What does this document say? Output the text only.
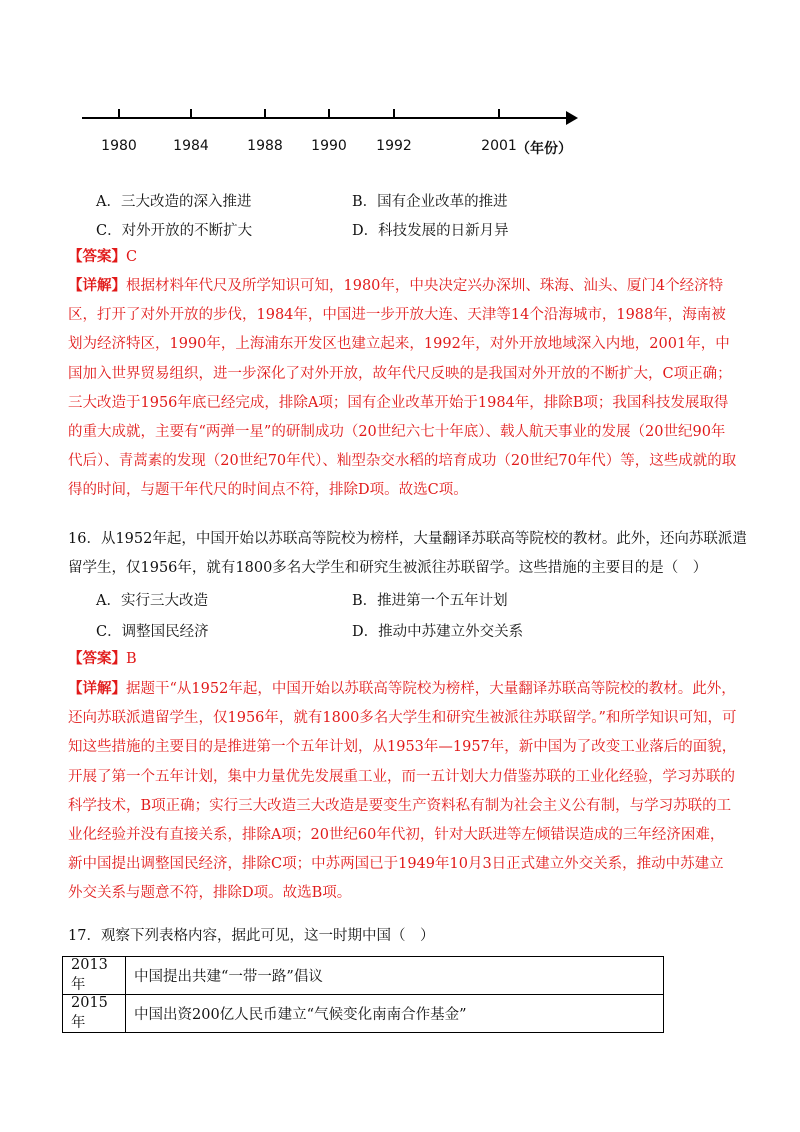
1980	1984	1988 1990 1992	2001 （年份）
A．三大改造的深入推进	B．国有企业改革的推进
C．对外开放的不断扩大	D．科技发展的日新月异
【答案】C
【详解】根据材料年代尺及所学知识可知，1980年，中央决定兴办深圳、珠海、汕头、厦门4个经济特区，打开了对外开放的步伐，1984年，中国进一步开放大连、天津等14个沿海城市，1988年，海南被划为经济特区，1990年，上海浦东开发区也建立起来，1992年，对外开放地域深入内地，2001年，中国加入世界贸易组织，进一步深化了对外开放，故年代尺反映的是我国对外开放的不断扩大，C项正确；三大改造于1956年底已经完成，排除A项；国有企业改革开始于1984年，排除B项；我国科技发展取得的重大成就，主要有“两弹一星”的研制成功（20世纪六七十年底）、载人航天事业的发展（20世纪90年代后）、青蒿素的发现（20世纪70年代）、籼型杂交水稻的培育成功（20世纪70年代）等，这些成就的取得的时间，与题干年代尺的时间点不符，排除D项。故选C项。
16．从1952年起，中国开始以苏联高等院校为榜样，大量翻译苏联高等院校的教材。此外，还向苏联派遣留学生，仅1956年，就有1800多名大学生和研究生被派往苏联留学。这些措施的主要目的是（　）
A．实行三大改造	B．推进第一个五年计划
C．调整国民经济	D．推动中苏建立外交关系
【答案】B
【详解】据题干“从1952年起，中国开始以苏联高等院校为榜样，大量翻译苏联高等院校的教材。此外，还向苏联派遣留学生，仅1956年，就有1800多名大学生和研究生被派往苏联留学。”和所学知识可知，可知这些措施的主要目的是推进第一个五年计划，从1953年—1957年，新中国为了改变工业落后的面貌，开展了第一个五年计划，集中力量优先发展重工业，而一五计划大力借鉴苏联的工业化经验，学习苏联的科学技术，B项正确；实行三大改造三大改造是要变生产资料私有制为社会主义公有制，与学习苏联的工业化经验并没有直接关系，排除A项；20世纪60年代初，针对大跃进等左倾错误造成的三年经济困难，新中国提出调整国民经济，排除C项；中苏两国已于1949年10月3日正式建立外交关系，推动中苏建立外交关系与题意不符，排除D项。故选B项。
17．观察下列表格内容，据此可见，这一时期中国（　）
2013年	中国提出共建“一带一路”倡议
2015年	中国出资200亿人民币建立“气候变化南南合作基金”
